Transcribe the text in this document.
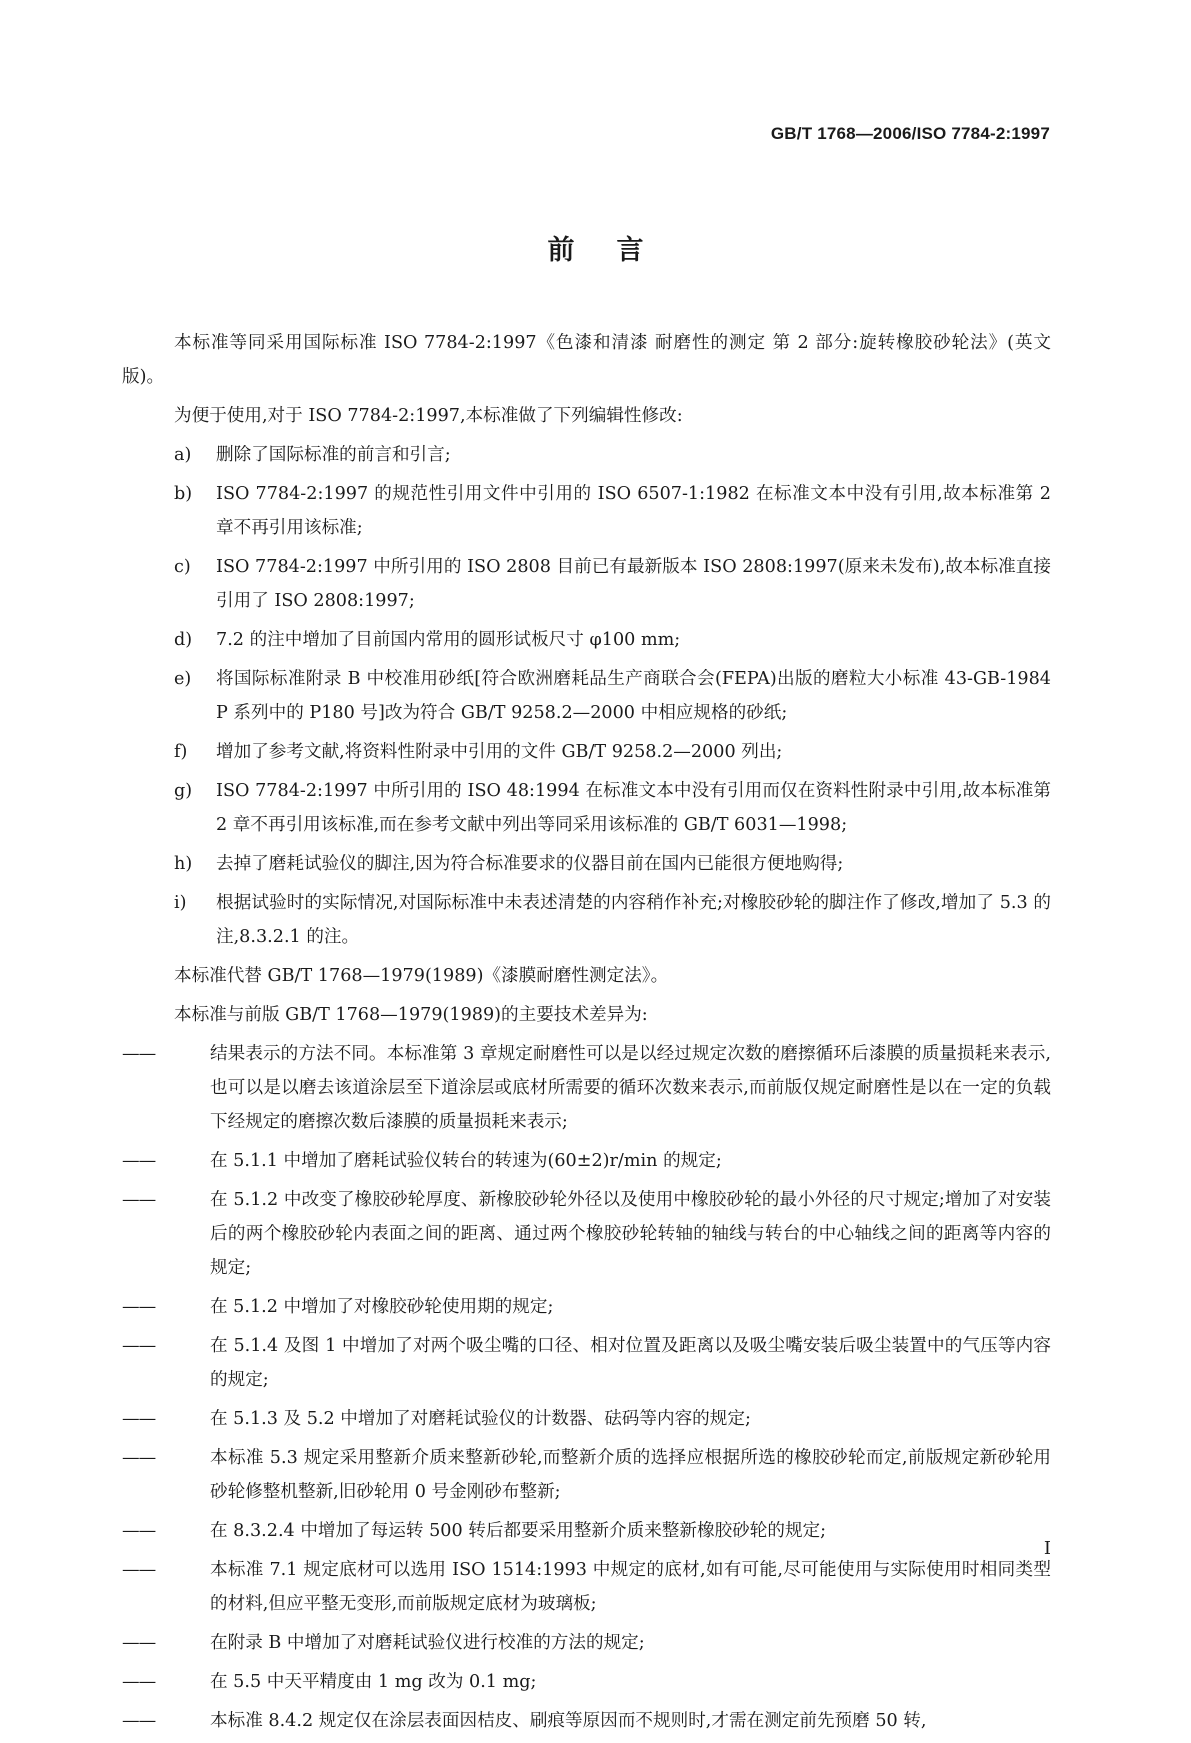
GB/T 1768—2006/ISO 7784-2:1997
前言

本标准等同采用国际标准 ISO 7784-2:1997《色漆和清漆 耐磨性的测定 第 2 部分:旋转橡胶砂轮法》(英文版)。

为便于使用,对于 ISO 7784-2:1997,本标准做了下列编辑性修改:

a)	删除了国际标准的前言和引言;
b)	ISO 7784-2:1997 的规范性引用文件中引用的 ISO 6507-1:1982 在标准文本中没有引用,故本标准第 2 章不再引用该标准;
c)	ISO 7784-2:1997 中所引用的 ISO 2808 目前已有最新版本 ISO 2808:1997(原来未发布),故本标准直接引用了 ISO 2808:1997;
d)	7.2 的注中增加了目前国内常用的圆形试板尺寸 φ100 mm;
e)	将国际标准附录 B 中校准用砂纸[符合欧洲磨耗品生产商联合会(FEPA)出版的磨粒大小标准 43-GB-1984 P 系列中的 P180 号]改为符合 GB/T 9258.2—2000 中相应规格的砂纸;
f)	增加了参考文献,将资料性附录中引用的文件 GB/T 9258.2—2000 列出;
g)	ISO 7784-2:1997 中所引用的 ISO 48:1994 在标准文本中没有引用而仅在资料性附录中引用,故本标准第 2 章不再引用该标准,而在参考文献中列出等同采用该标准的 GB/T 6031—1998;
h)	去掉了磨耗试验仪的脚注,因为符合标准要求的仪器目前在国内已能很方便地购得;
i)	根据试验时的实际情况,对国际标准中未表述清楚的内容稍作补充;对橡胶砂轮的脚注作了修改,增加了 5.3 的注,8.3.2.1 的注。

本标准代替 GB/T 1768—1979(1989)《漆膜耐磨性测定法》。

本标准与前版 GB/T 1768—1979(1989)的主要技术差异为:

——	结果表示的方法不同。本标准第 3 章规定耐磨性可以是以经过规定次数的磨擦循环后漆膜的质量损耗来表示,也可以是以磨去该道涂层至下道涂层或底材所需要的循环次数来表示,而前版仅规定耐磨性是以在一定的负载下经规定的磨擦次数后漆膜的质量损耗来表示;
——	在 5.1.1 中增加了磨耗试验仪转台的转速为(60±2)r/min 的规定;
——	在 5.1.2 中改变了橡胶砂轮厚度、新橡胶砂轮外径以及使用中橡胶砂轮的最小外径的尺寸规定;增加了对安装后的两个橡胶砂轮内表面之间的距离、通过两个橡胶砂轮转轴的轴线与转台的中心轴线之间的距离等内容的规定;
——	在 5.1.2 中增加了对橡胶砂轮使用期的规定;
——	在 5.1.4 及图 1 中增加了对两个吸尘嘴的口径、相对位置及距离以及吸尘嘴安装后吸尘装置中的气压等内容的规定;
——	在 5.1.3 及 5.2 中增加了对磨耗试验仪的计数器、砝码等内容的规定;
——	本标准 5.3 规定采用整新介质来整新砂轮,而整新介质的选择应根据所选的橡胶砂轮而定,前版规定新砂轮用砂轮修整机整新,旧砂轮用 0 号金刚砂布整新;
——	在 8.3.2.4 中增加了每运转 500 转后都要采用整新介质来整新橡胶砂轮的规定;
——	本标准 7.1 规定底材可以选用 ISO 1514:1993 中规定的底材,如有可能,尽可能使用与实际使用时相同类型的材料,但应平整无变形,而前版规定底材为玻璃板;
——	在附录 B 中增加了对磨耗试验仪进行校准的方法的规定;
——	在 5.5 中天平精度由 1 mg 改为 0.1 mg;
——	本标准 8.4.2 规定仅在涂层表面因桔皮、刷痕等原因而不规则时,才需在测定前先预磨 50 转,
I
